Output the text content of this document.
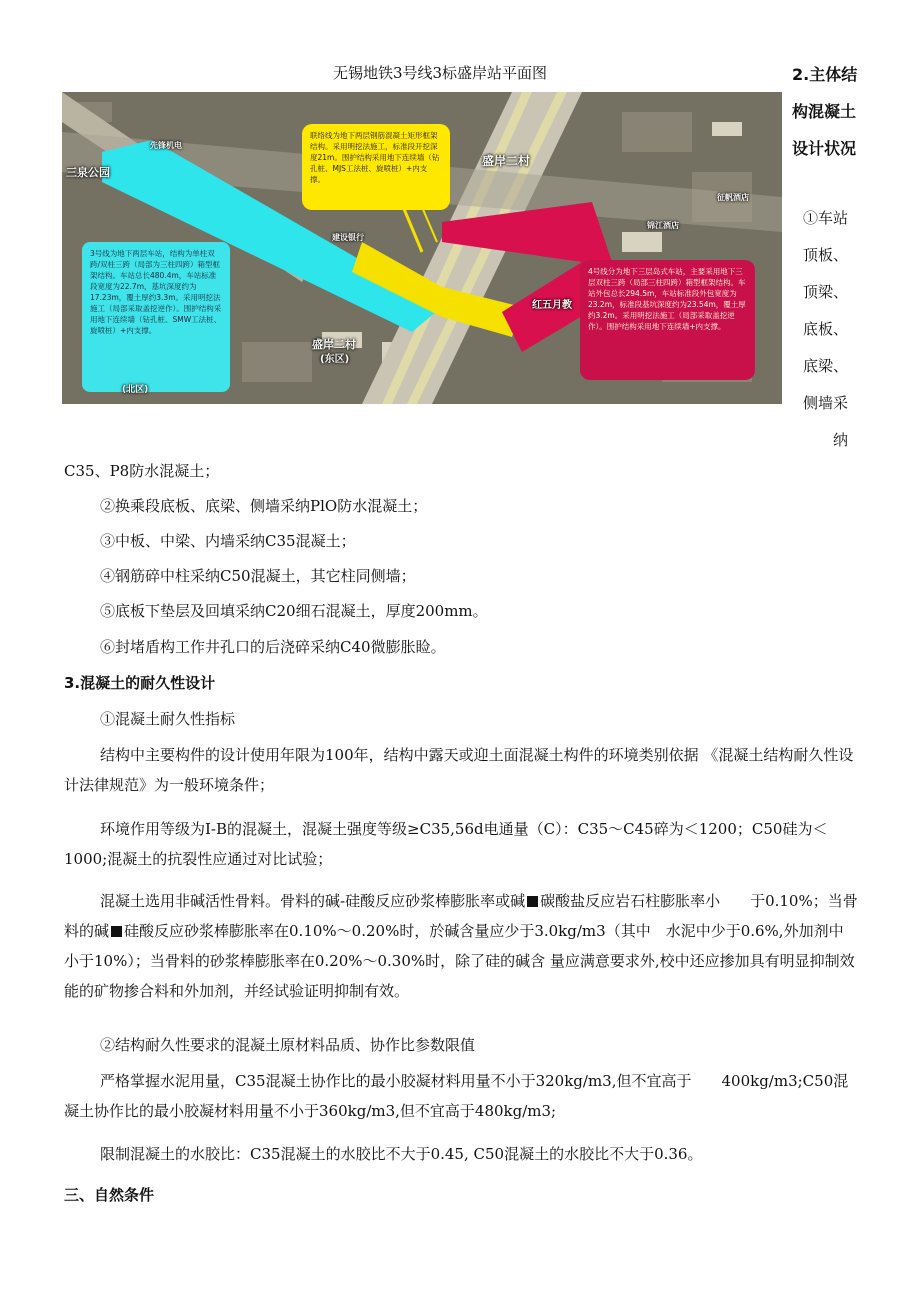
无锡地铁3号线3标盛岸站平面图
联络线为地下两层钢筋混凝土矩形框架结构。采用明挖法施工，标准段开挖深度21m。围护结构采用地下连续墙（钻孔桩、MJS工法桩、旋喷桩）+内支撑。
3号线为地下两层车站，结构为单柱双跨/双柱三跨（局部为三柱四跨）箱型框架结构。车站总长480.4m，车站标准段宽度为22.7m，基坑深度约为17.23m，覆土厚约3.3m。采用明挖法施工（局部采取盖挖逆作）。围护结构采用地下连续墙（钻孔桩、SMW工法桩、旋喷桩）+内支撑。
4号线分为地下三层岛式车站，主要采用地下三层双柱三跨（局部三柱四跨）箱型框架结构。车站外包总长294.5m，车站标准段外包宽度为23.2m，标准段基坑深度约为23.54m，覆土厚约3.2m。采用明挖法施工（局部采取盖挖逆作）。围护结构采用地下连续墙+内支撑。
三泉公园
盛岸二村
盛岸二村
(东区)
红五月教
建设银行
(北区)
先锋机电
征帆酒店
锦江酒店
2.主体结构混凝土设计状况
①车站顶板、顶梁、底板、底梁、侧墙采纳
C35、P8防水混凝土；
②换乘段底板、底梁、侧墙采纳PlO防水混凝土；
③中板、中梁、内墙采纳C35混凝土；
④钢筋碎中柱采纳C50混凝土，其它柱同侧墙；
⑤底板下垫层及回填采纳C20细石混凝土，厚度200mm。
⑥封堵盾构工作井孔口的后浇碎采纳C40微膨胀睑。
3.混凝土的耐久性设计
①混凝土耐久性指标
结构中主要构件的设计使用年限为100年，结构中露天或迎土面混凝土构件的环境类别依据 《混凝土结构耐久性设计法律规范》为一般环境条件；
环境作用等级为I-B的混凝土，混凝土强度等级≥C35,56d电通量（C）：C35～C45碎为＜1200；C50硅为＜1000;混凝土的抗裂性应通过对比试验；
混凝土选用非碱活性骨料。骨料的碱-硅酸反应砂浆棒膨胀率或碱 碳酸盐反应岩石柱膨胀率小　　于0.10%；当骨料的碱 硅酸反应砂浆棒膨胀率在0.10%～0.20%时，於碱含量应少于3.0kg∕m3（其中　水泥中少于0.6%,外加剂中小于10%）；当骨料的砂浆棒膨胀率在0.20%～0.30%时，除了硅的碱含 量应满意要求外,校中还应掺加具有明显抑制效能的矿物掺合料和外加剂，并经试验证明抑制有效。
②结构耐久性要求的混凝土原材料品质、协作比参数限值
严格掌握水泥用量，C35混凝土协作比的最小胶凝材料用量不小于320kg∕m3,但不宜高于　　400kg∕m3;C50混凝土协作比的最小胶凝材料用量不小于360kg∕m3,但不宜高于480kg∕m3;
限制混凝土的水胶比：C35混凝土的水胶比不大于0.45, C50混凝土的水胶比不大于0.36。
三、自然条件
